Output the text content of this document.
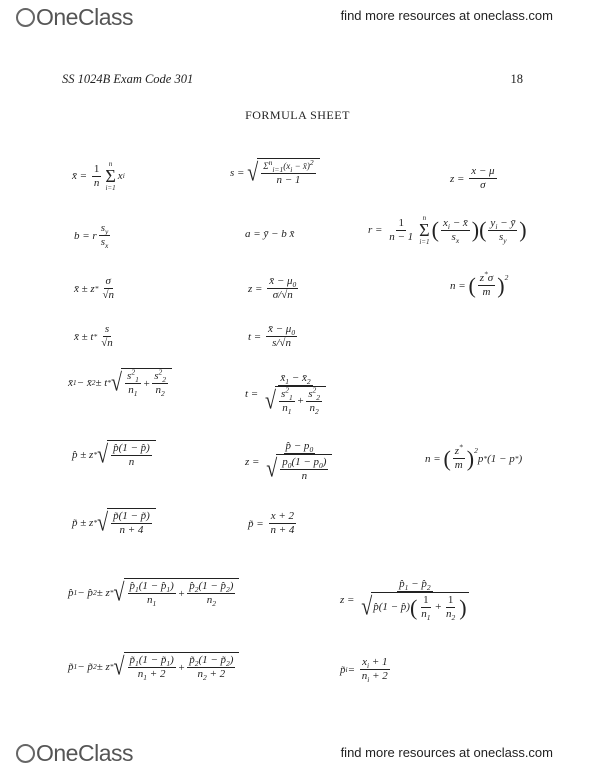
OneClass	find more resources at oneclass.com
SS 1024B Exam Code 301	18
FORMULA SHEET
x̄ = $\frac{1}{n}$ n
Σ
i=1
x i	s = √ $\frac{\Sigma^n_{i=1}(x_i - x̄)^2}{n - 1}$	$z = \frac{x - \mu}{\sigma}$
b = r $\frac{s_y}{s_x}$	a = ȳ − b x̄	$r = \frac{1}{n - 1}$ n
Σ
i=1 ( $\frac{x_i - x̄}{s_x}$ ) ( $\frac{y_i - ȳ}{s_y}$ )
x̄ ± z * $\frac{\sigma}{√n}$	$z = \frac{x̄ - \mu_0}{\sigma/√n}$	n = ( $\frac{z^*\sigma}{m} )^2$
x̄ ± t * $\frac{s}{√n}$	$t = \frac{x̄ - \mu_0}{s/√n}$
x̄ 1 − x̄ 2 ± t * √ $\frac{s^2_1}{n_1} + \frac{s^2_2}{n_2}$	$t = \frac{x̄_1 - x̄_2}{√ \frac{s^2_1}{n_1} + \frac{s^2_2}{n_2}}$
p̂ ± z * √ $\frac{p̂(1 - p̂)}{n}$	$z = \frac{p̂ - p_0}{√ \frac{p_0(1 - p_0)}{n}}$	n = ( $\frac{z^*}{m} )^2$
p * (1 − p * )
p̃ ± z * √ $\frac{p̃(1 - p̃)}{n + 4}$	p̃ = $\frac{x + 2}{n + 4}$
p̂ 1 − p̂ 2 ± z * √ $\frac{p̂_1(1 - p̂_1)}{n_1} + \frac{p̂_2(1 - p̂_2)}{n_2}$	$z = \frac{p̂_1 - p̂_2}{√ p̂(1 - p̂) ( \frac{1}{n_1} + \frac{1}{n_2} )}$
p̃ 1 − p̃ 2 ± z * √ $\frac{p̃_1(1 - p̃_1)}{n_1 + 2} + \frac{p̃_2(1 - p̃_2)}{n_2 + 2}$	p̃ $i = \frac{x_i + 1}{n_i + 2}$
OneClass	find more resources at oneclass.com
